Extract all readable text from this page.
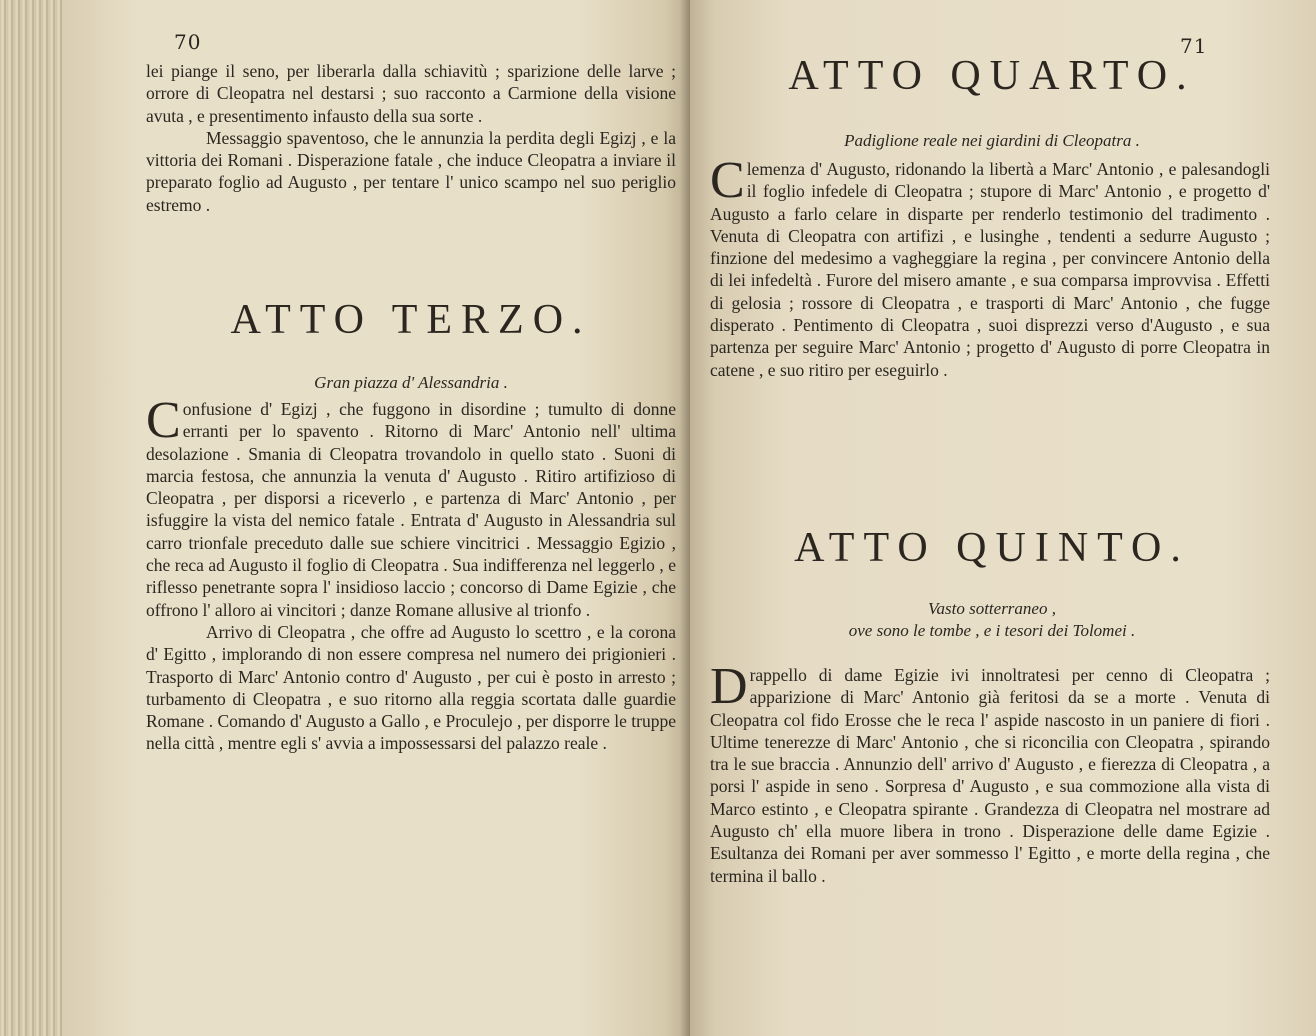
70

lei piange il seno, per liberarla dalla schiavitù ; sparizione delle larve ; orrore di Cleopatra nel destarsi ; suo racconto a Carmione della visione avuta , e presentimento infausto della sua sorte .

Messaggio spaventoso, che le annunzia la perdita degli Egizj , e la vittoria dei Romani . Disperazione fatale , che induce Cleopatra a inviare il preparato foglio ad Augusto , per tentare l' unico scampo nel suo periglio estremo .

ATTO TERZO.
Gran piazza d' Alessandria .

Confusione d' Egizj , che fuggono in disordine ; tumulto di donne erranti per lo spavento . Ritorno di Marc' Antonio nell' ultima desolazione . Smania di Cleopatra trovandolo in quello stato . Suoni di marcia festosa, che annunzia la venuta d' Augusto . Ritiro artifizioso di Cleopatra , per disporsi a riceverlo , e partenza di Marc' Antonio , per isfuggire la vista del nemico fatale . Entrata d' Augusto in Alessandria sul carro trionfale preceduto dalle sue schiere vincitrici . Messaggio Egizio , che reca ad Augusto il foglio di Cleopatra . Sua indifferenza nel leggerlo , e riflesso penetrante sopra l' insidioso laccio ; concorso di Dame Egizie , che offrono l' alloro ai vincitori ; danze Romane allusive al trionfo .

Arrivo di Cleopatra , che offre ad Augusto lo scettro , e la corona d' Egitto , implorando di non essere compresa nel numero dei prigionieri . Trasporto di Marc' Antonio contro d' Augusto , per cui è posto in arresto ; turbamento di Cleopatra , e suo ritorno alla reggia scortata dalle guardie Romane . Comando d' Augusto a Gallo , e Proculejo , per disporre le truppe nella città , mentre egli s' avvia a impossessarsi del palazzo reale .

71
ATTO QUARTO.
Padiglione reale nei giardini di Cleopatra .

Clemenza d' Augusto, ridonando la libertà a Marc' Antonio , e palesandogli il foglio infedele di Cleopatra ; stupore di Marc' Antonio , e progetto d' Augusto a farlo celare in disparte per renderlo testimonio del tradimento . Venuta di Cleopatra con artifizi , e lusinghe , tendenti a sedurre Augusto ; finzione del medesimo a vagheggiare la regina , per convincere Antonio della di lei infedeltà . Furore del misero amante , e sua comparsa improvvisa . Effetti di gelosia ; rossore di Cleopatra , e trasporti di Marc' Antonio , che fugge disperato . Pentimento di Cleopatra , suoi disprezzi verso d'Augusto , e sua partenza per seguire Marc' Antonio ; progetto d' Augusto di porre Cleopatra in catene , e suo ritiro per eseguirlo .

ATTO QUINTO.
Vasto sotterraneo ,
ove sono le tombe , e i tesori dei Tolomei .

Drappello di dame Egizie ivi innoltratesi per cenno di Cleopatra ; apparizione di Marc' Antonio già feritosi da se a morte . Venuta di Cleopatra col fido Erosse che le reca l' aspide nascosto in un paniere di fiori . Ultime tenerezze di Marc' Antonio , che si riconcilia con Cleopatra , spirando tra le sue braccia . Annunzio dell' arrivo d' Augusto , e fierezza di Cleopatra , a porsi l' aspide in seno . Sorpresa d' Augusto , e sua commozione alla vista di Marco estinto , e Cleopatra spirante . Grandezza di Cleopatra nel mostrare ad Augusto ch' ella muore libera in trono . Disperazione delle dame Egizie . Esultanza dei Romani per aver sommesso l' Egitto , e morte della regina , che termina il ballo .
